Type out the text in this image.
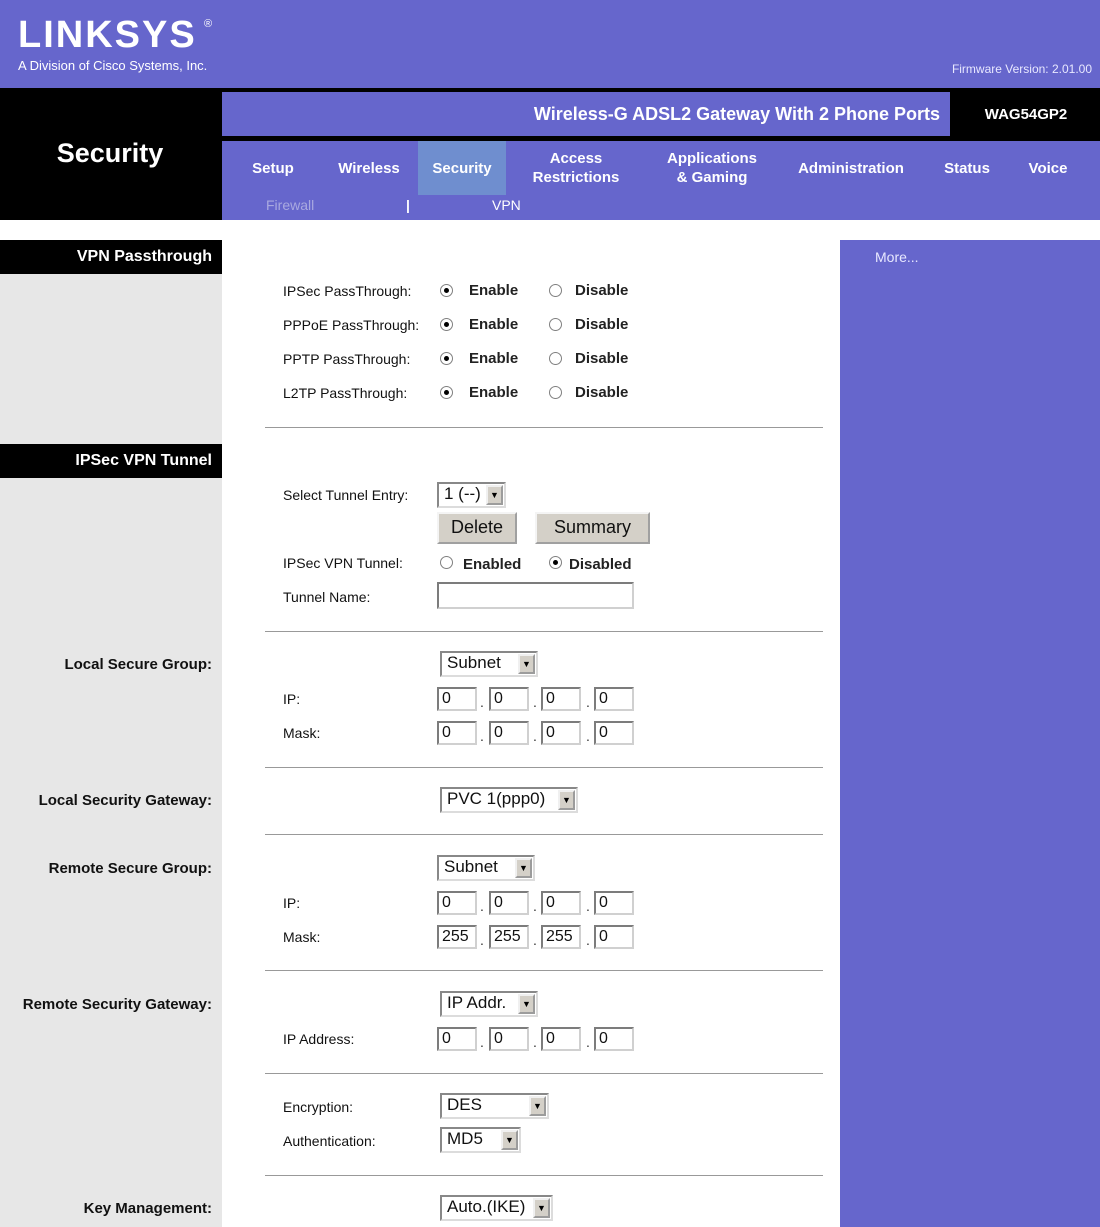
LINKSYS ®
A Division of Cisco Systems, Inc.	Firmware Version: 2.01.00
Security
Wireless-G ADSL2 Gateway With 2 Phone Ports	WAG54GP2
Setup	Wireless	Security
Access
Restrictions
Applications
& Gaming
Administration	Status	Voice
Firewall	|	VPN
More...
VPN Passthrough
IPSec PassThrough:	Enable	Disable
PPPoE PassThrough:	Enable	Disable
PPTP PassThrough:	Enable	Disable
L2TP PassThrough:	Enable	Disable
IPSec VPN Tunnel
Select Tunnel Entry:	1 (--)	▼
Delete	Summary
IPSec VPN Tunnel:	Enabled	Disabled
Tunnel Name:
Local Secure Group:	Subnet	▼
IP:	0	. 0	. 0	. 0
Mask:	0	. 0	. 0	. 0
Local Security Gateway:	PVC 1(ppp0)	▼
Remote Secure Group:	Subnet	▼
IP:	0	. 0	. 0	. 0
Mask:	255 . 255 . 255 . 0
Remote Security Gateway:	IP Addr.	▼
IP Address:	0	. 0	. 0	. 0
Encryption:	DES	▼
Authentication:	MD5	▼
Key Management:	Auto.(IKE)	▼
